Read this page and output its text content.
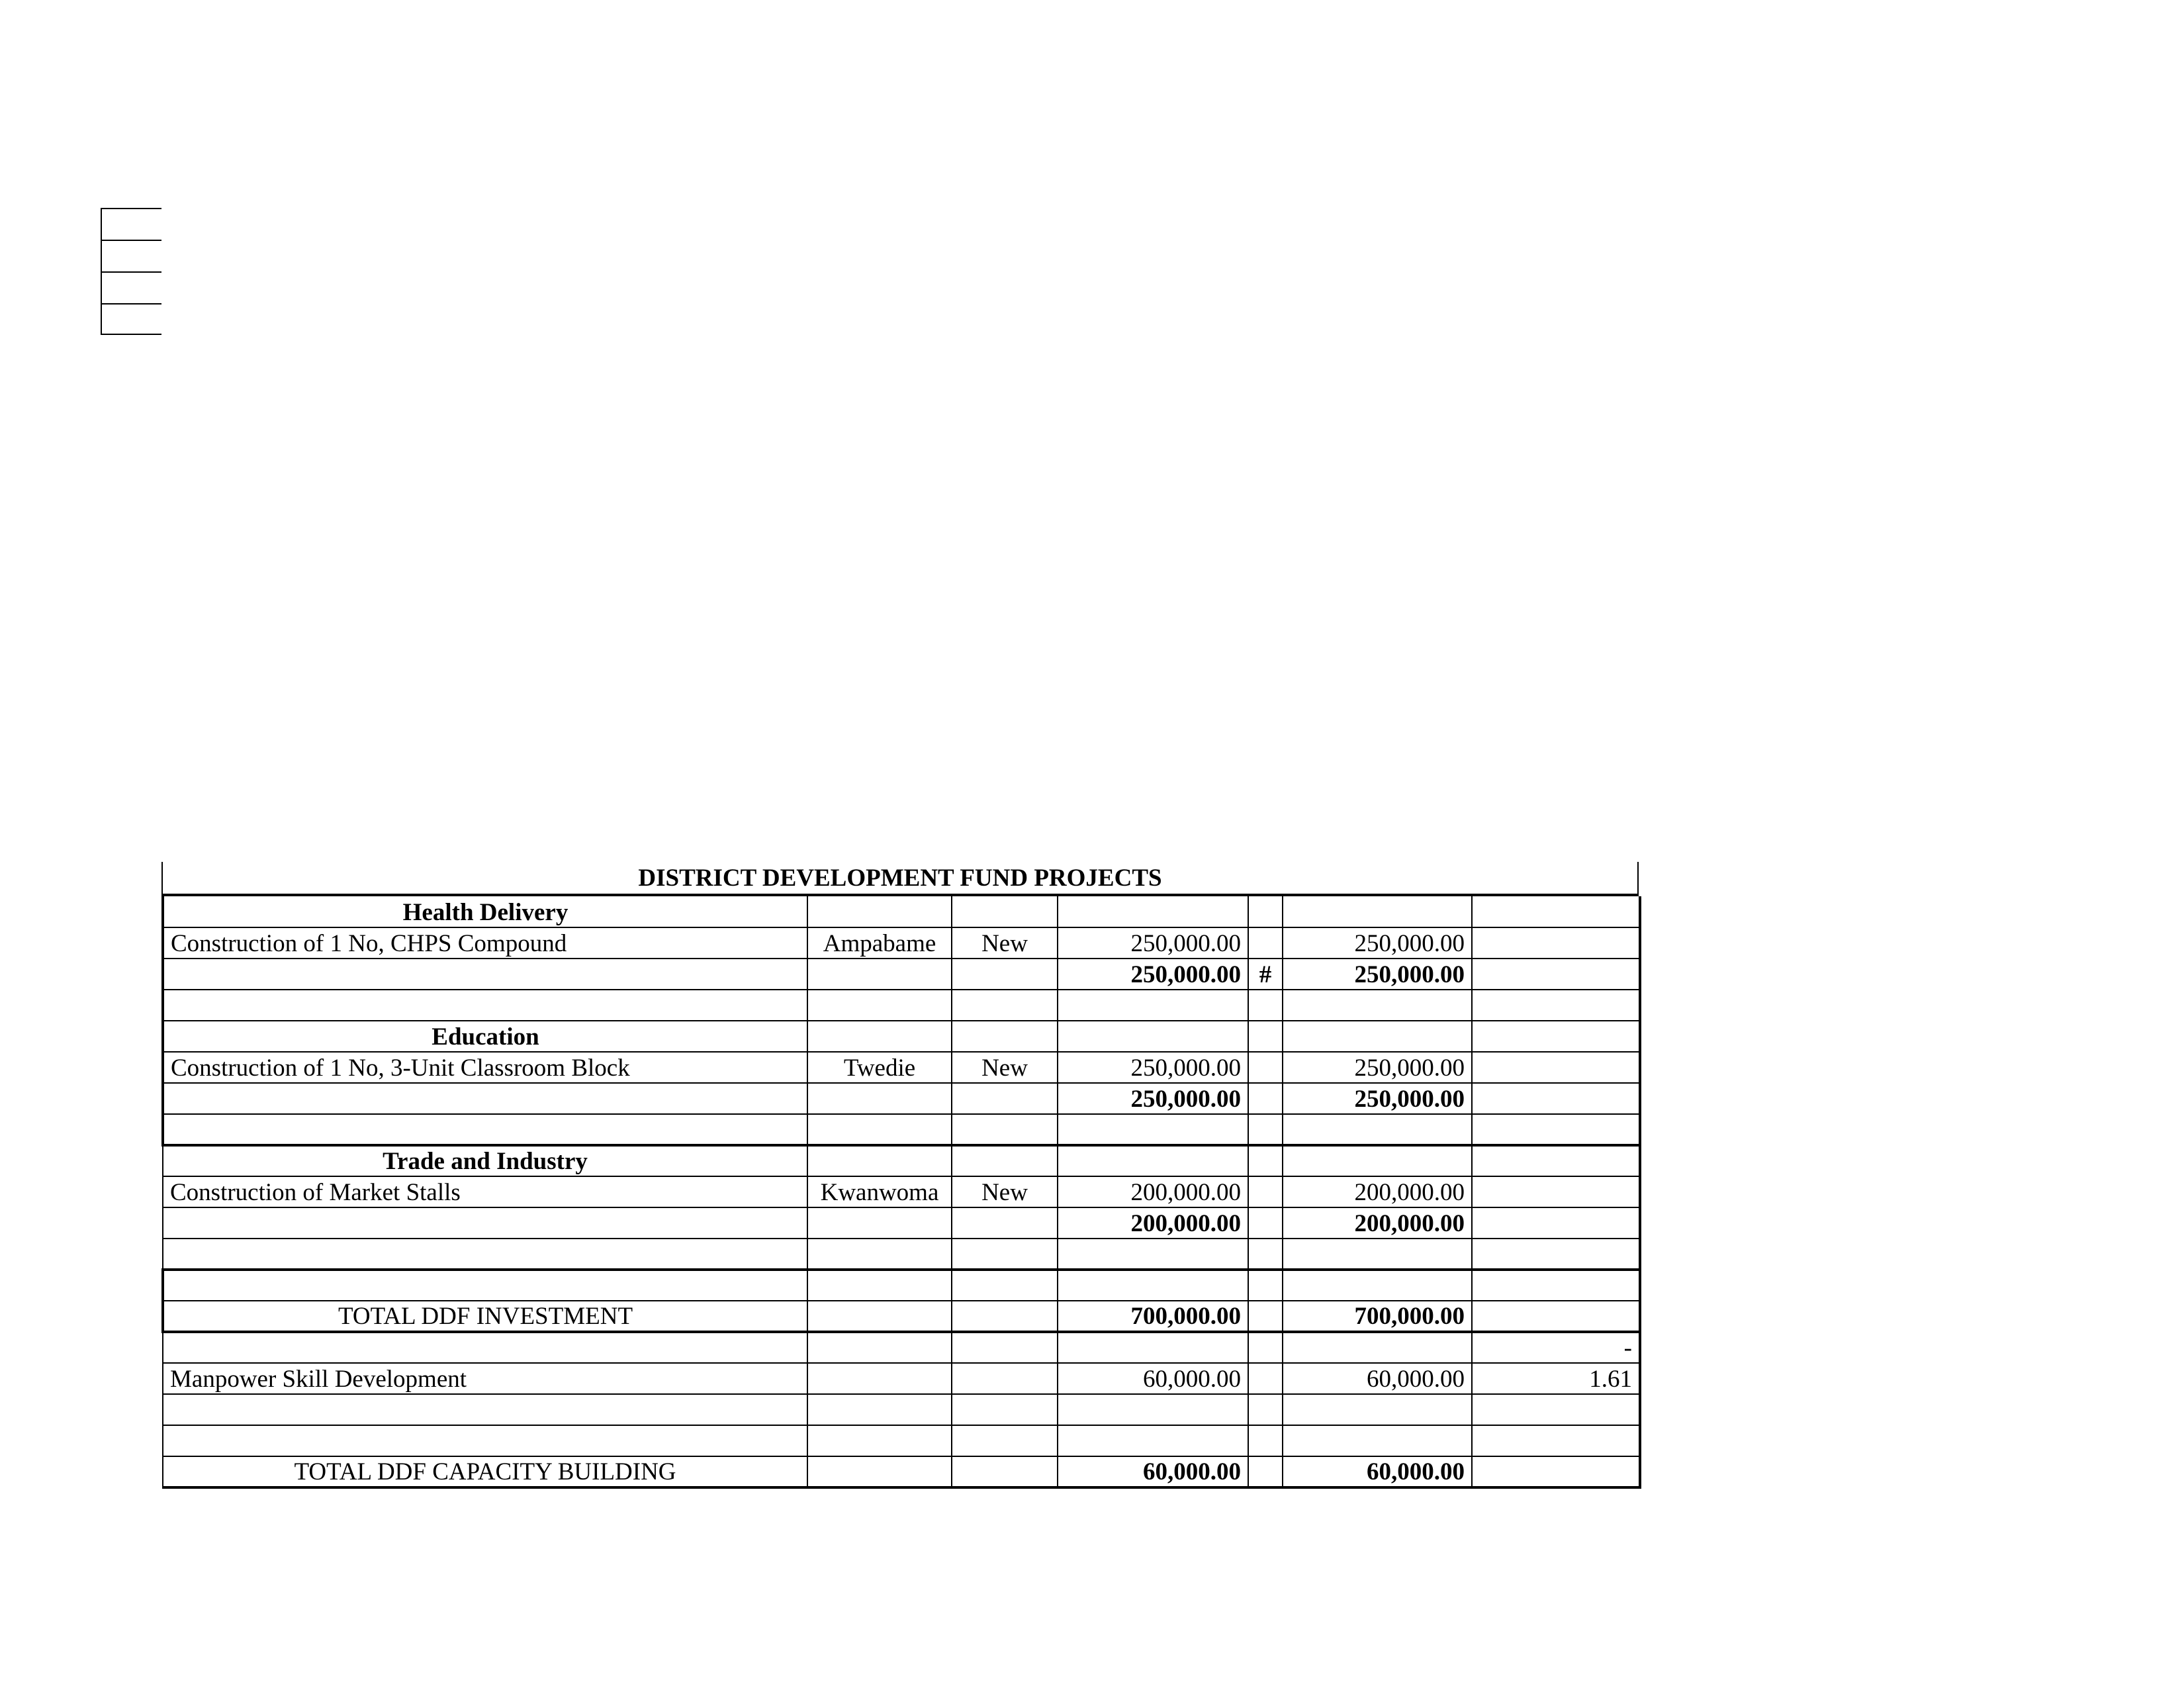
DISTRICT DEVELOPMENT FUND PROJECTS
Health Delivery						
Construction of 1 No, CHPS Compound	Ampabame	New	250,000.00		250,000.00	
			250,000.00	#	250,000.00	

Education						
Construction of 1 No, 3-Unit Classroom Block	Twedie	New	250,000.00		250,000.00	
			250,000.00		250,000.00	

Trade and Industry						
Construction of Market Stalls	Kwanwoma	New	200,000.00		200,000.00	
			200,000.00		200,000.00	

TOTAL DDF INVESTMENT			700,000.00		700,000.00	
						-
Manpower Skill Development			60,000.00		60,000.00	1.61

TOTAL DDF CAPACITY BUILDING			60,000.00		60,000.00	
